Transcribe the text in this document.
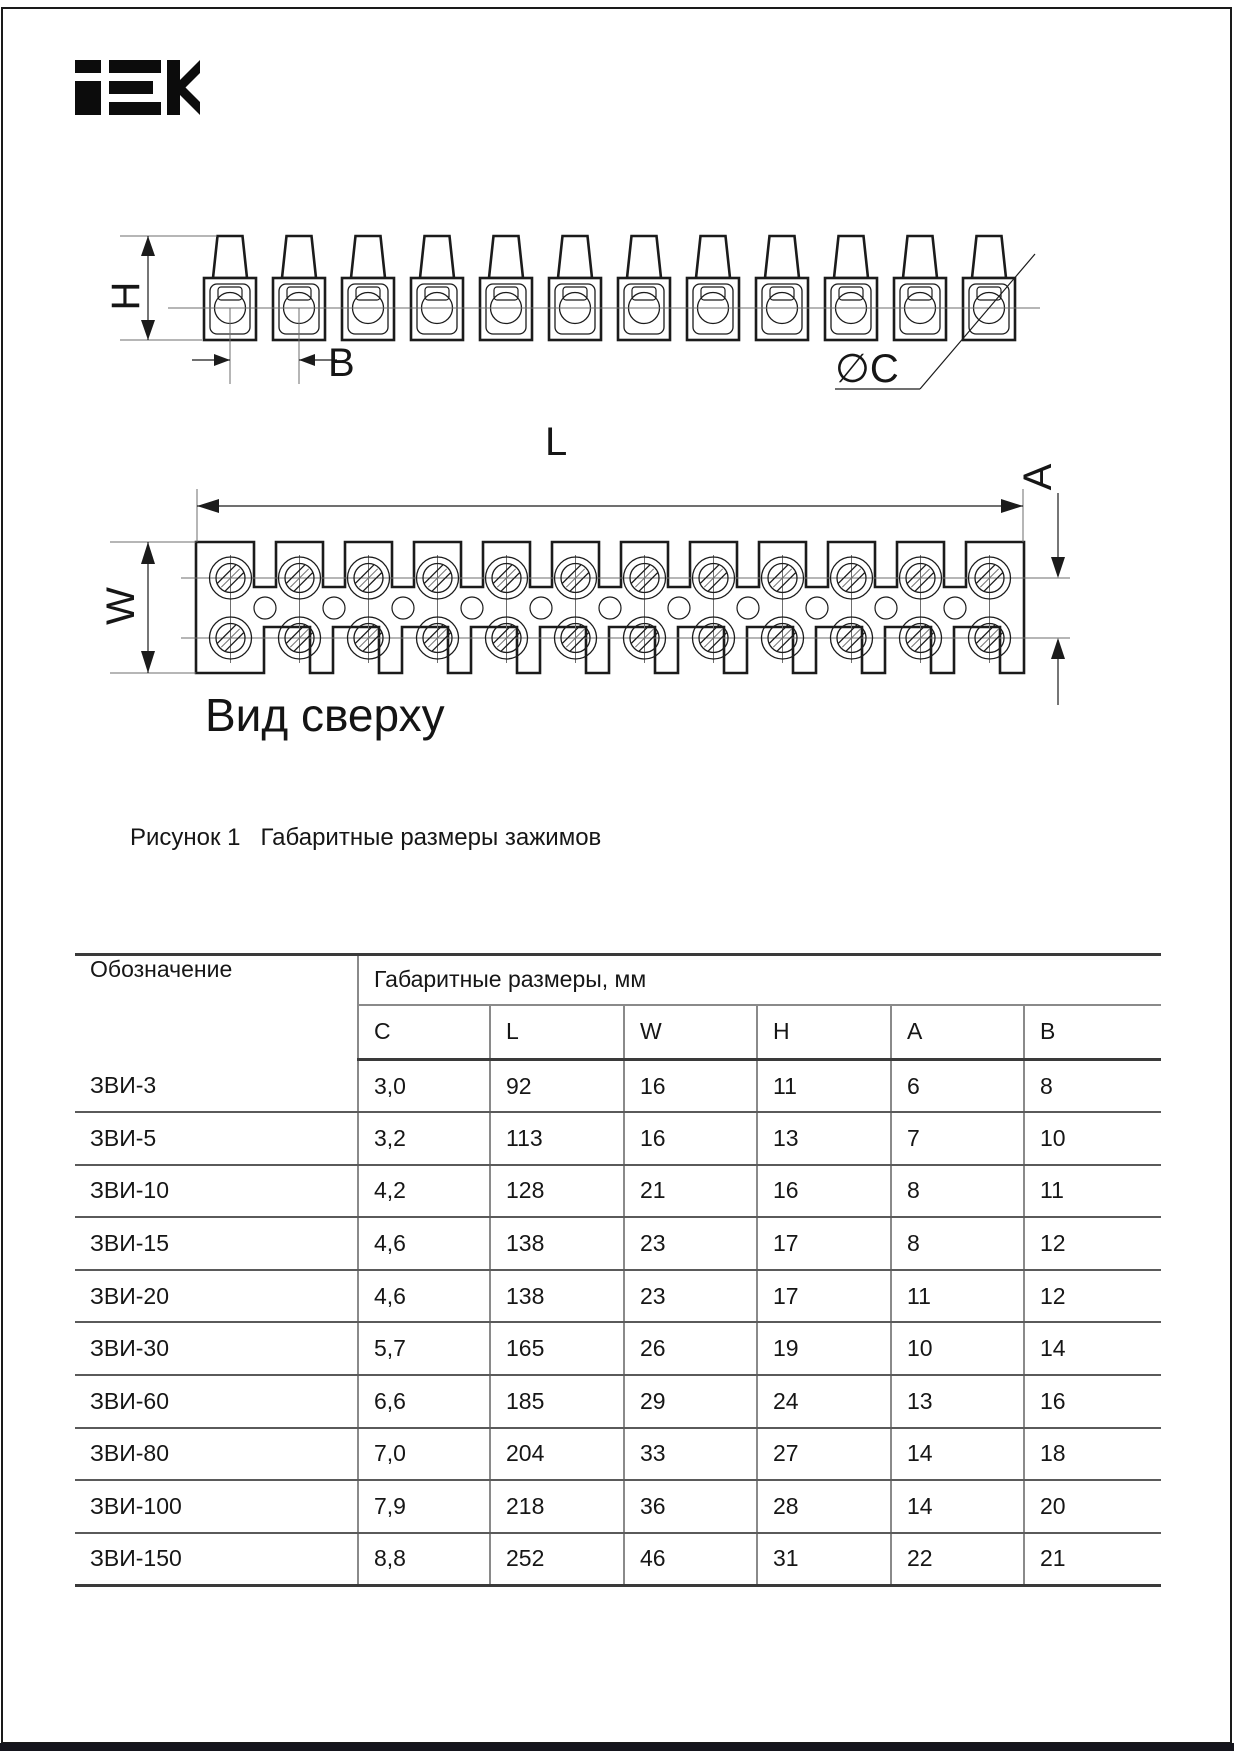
H
B	∅C
L
A
W
Вид сверху
Рисунок 1 Габаритные размеры зажимов
Обозначение	Габаритные размеры, мм					
	C	L	W	H	A	B
ЗВИ-3	3,0	92	16	11	6	8
ЗВИ-5	3,2	113	16	13	7	10
ЗВИ-10	4,2	128	21	16	8	11
ЗВИ-15	4,6	138	23	17	8	12
ЗВИ-20	4,6	138	23	17	11	12
ЗВИ-30	5,7	165	26	19	10	14
ЗВИ-60	6,6	185	29	24	13	16
ЗВИ-80	7,0	204	33	27	14	18
ЗВИ-100	7,9	218	36	28	14	20
ЗВИ-150	8,8	252	46	31	22	21
